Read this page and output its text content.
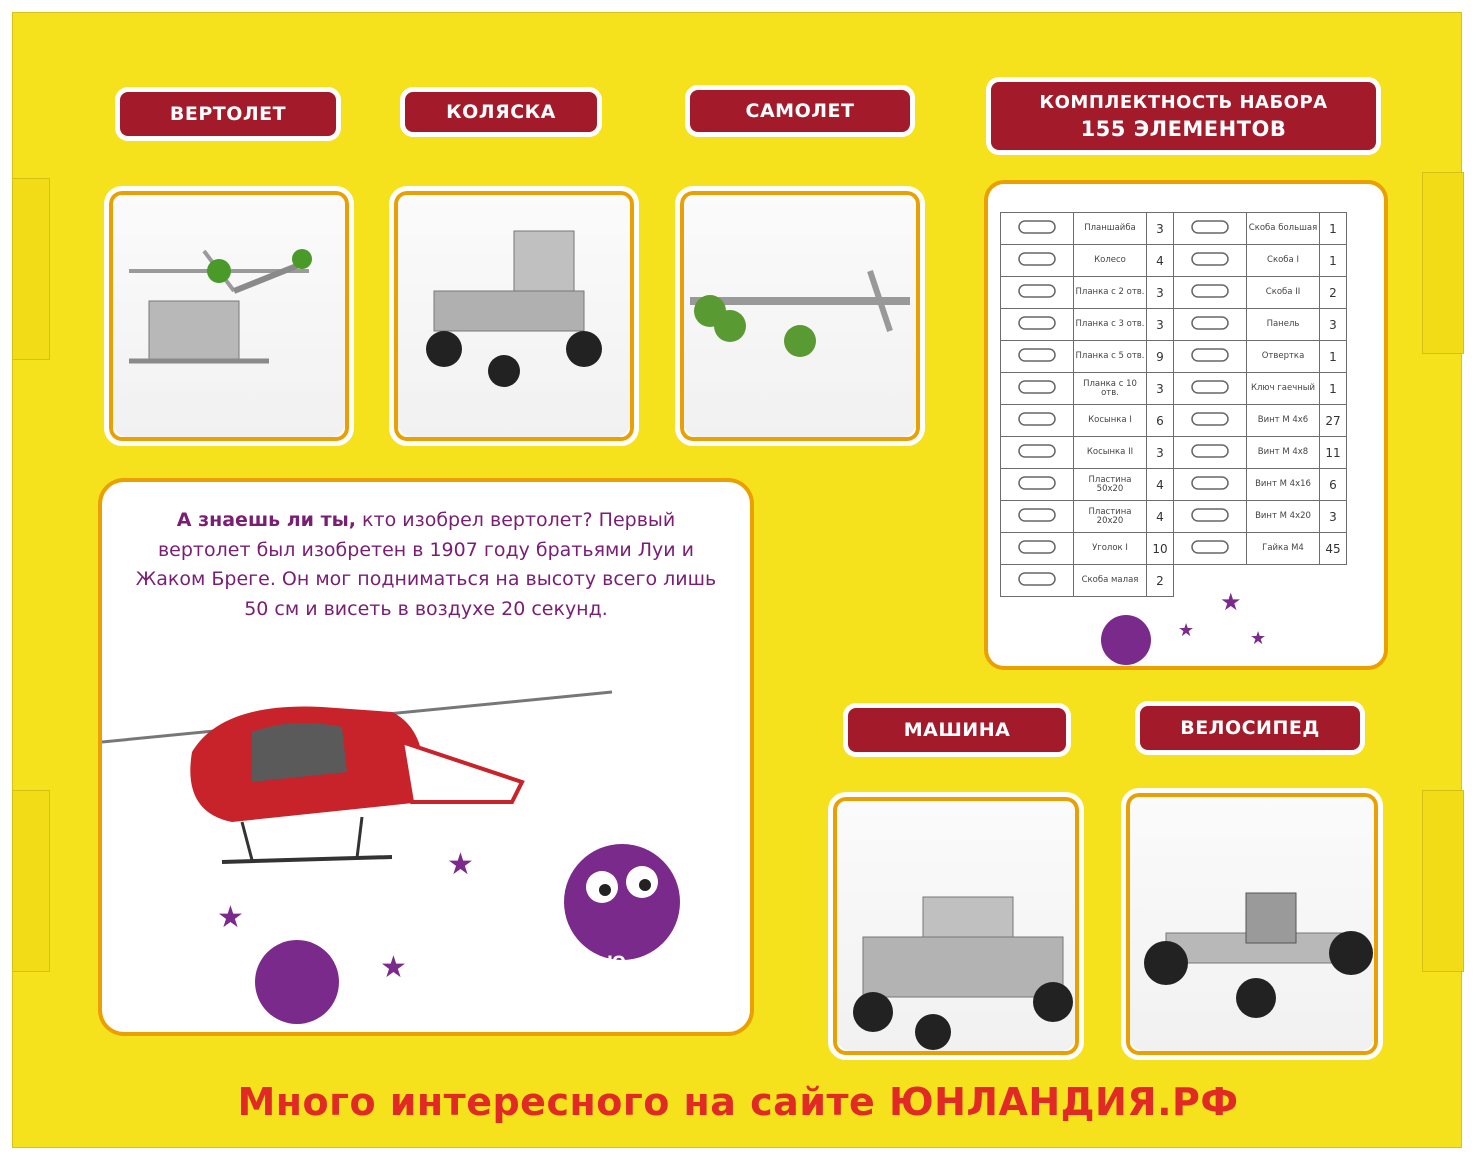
ВЕРТОЛЕТ	КОЛЯСКА	САМОЛЕТ	КОМПЛЕКТНОСТЬ НАБОРА
155 ЭЛЕМЕНТОВ
МАШИНА	ВЕЛОСИПЕД
А знаешь ли ты, кто изобрел вертолет? Первый вертолет был изобретен в 1907 году братьями Луи и Жаком Бреге. Он мог подниматься на высоту всего лишь 50 см и висеть в воздухе 20 секунд.
Ю
★
★
★
	Планшайба	3		Скоба большая	1
	Колесо	4		Скоба I	1
	Планка с 2 отв.	3		Скоба II	2
	Планка с 3 отв.	3		Панель	3
	Планка с 5 отв.	9		Отвертка	1
	Планка с 10 отв.	3		Ключ гаечный	1
	Косынка I	6		Винт М 4х6	27
	Косынка II	3		Винт М 4х8	11
	Пластина 50х20	4		Винт М 4х16	6
	Пластина 20х20	4		Винт М 4х20	3
	Уголок I	10		Гайка М4	45
	Скоба малая	2			
★
★	★
Много интересного на сайте ЮНЛАНДИЯ.РФ
